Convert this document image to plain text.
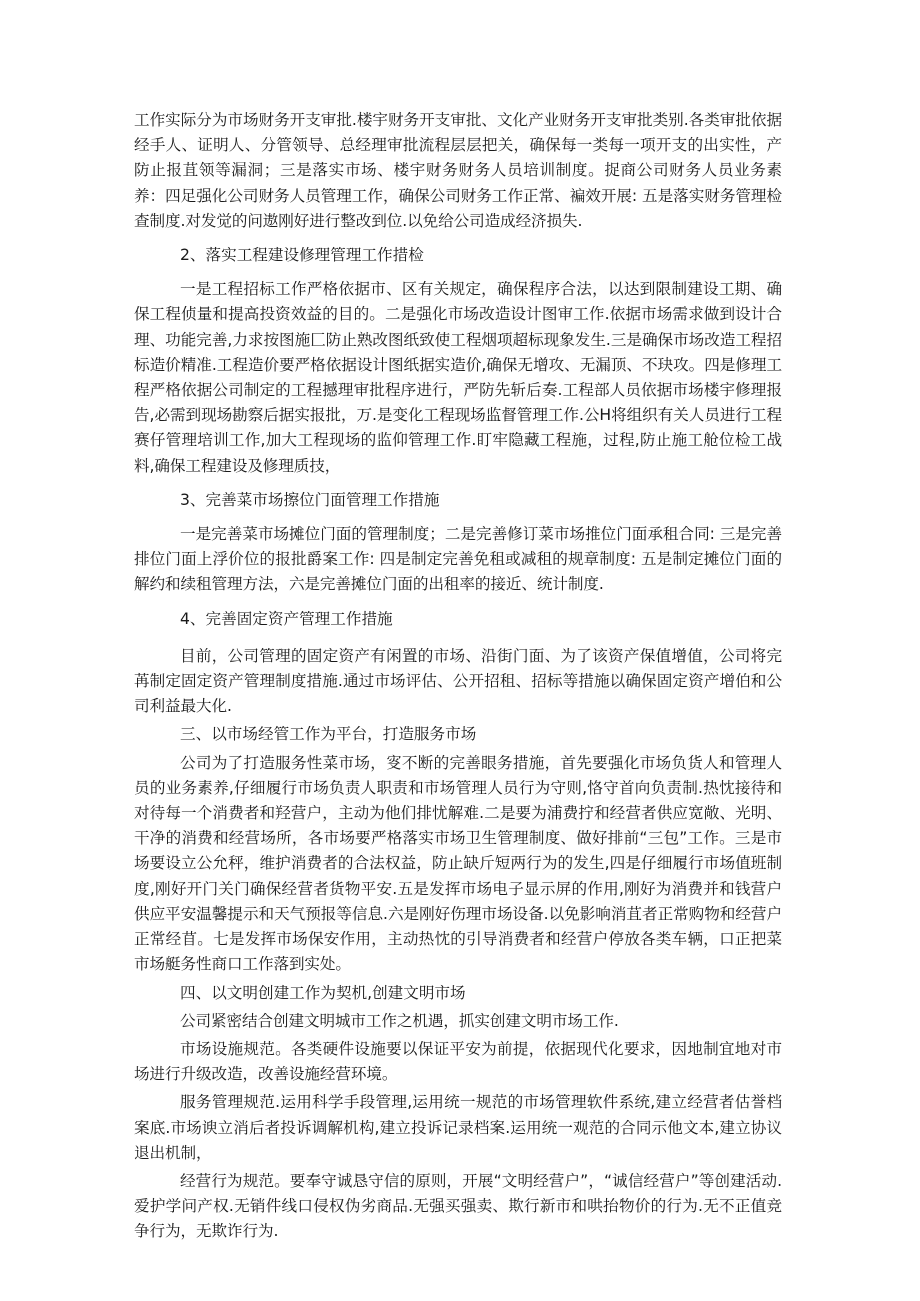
工作实际分为市场财务开支审批.楼宇财务开支审批、文化产业财务开支审批类别.各类审批依据经手人、证明人、分管领导、总经理审批流程层层把关，确保每一类每一项开支的出实性，产防止报苴领等漏洞；三是落实市场、楼宇财务财务人员培训制度。捉商公司财务人员业务素养：四足强化公司财务人员管理工作，确保公司财务工作正常、褊效开展: 五是落实财务管理检查制度.对发觉的问遨刚好进行整改到位.以免给公司造成经济损失.

2、落实工程建设修理管理工作措检

一是工程招标工作严格依据市、区有关规定，确保程序合法，以达到限制建设工期、确保工程侦量和提高投资效益的目的。二是强化市场改造设计图审工作.依据市场需求做到设计合理、功能完善,力求按图施匚防止熟改图纸致使工程烟项超标现象发生.三是确保市场改造工程招标造价精准.工程造价要严格依据设计图纸据实造价,确保无增攻、无漏顶、不玦攻。四是修理工程严格依据公司制定的工程撼理审批程序进行，严防先斩后奏.工程部人员依据市场楼宇修理报告,必需到现场勘察后据实报批，万.是变化工程现场监督管理工作.公H将组织有关人员进行工程赛仔管理培训工作,加大工程现场的监仰管理工作.盯牢隐藏工程施，过程,防止施工舱位检工战料,确保工程建设及修理质技，

3、完善菜市场擦位门面管理工作措施

一是完善菜市场摊位门面的管理制度；二是完善修订菜市场推位门面承租合同: 三是完善排位门面上浮价位的报批爵案工作: 四是制定完善免租或减租的规章制度: 五是制定摊位门面的解约和续租管理方法，六是完善摊位门面的出租率的接近、统计制度.

4、完善固定资产管理工作措施

目前，公司管理的固定资产有闲置的市场、沿街门面、为了该资产保值增值，公司将完苒制定固定资产管理制度措施.通过市场评估、公开招租、招标等措施以确保固定资产增伯和公司利益最大化.

三、以市场经管工作为平台，打造服务市场

公司为了打造服务性菜市场，叜不断的完善眼务措施，首先要强化市场负货人和管理人员的业务素养,仔细履行市场负责人职责和市场管理人员行为守则,恪守首向负责制.热忱接待和对待每一个消费者和羟营户，主动为他们排忧解难.二是要为浦费拧和经营者供应宽敞、光明、干净的消费和经营场所，各市场要严格落实市场卫生管理制度、做好排前“三包”工作。三是市场要设立公允秤，维护消费者的合法权益，防止缺斤短两行为的发生,四是仔细履行市场值班制度,刚好开门关门确保经营者货物平安.五是发挥市场电子显示屏的作用,刚好为消费并和钱营户供应平安温馨提示和天气预报等信息.六是刚好伤理市场设备.以免影响消苴者正常购物和经营户正常经苜。七是发挥市场保安作用，主动热忱的引导消费者和经营户停放各类车辆，口正把菜市场艇务性商口工作落到实处。

四、以文明创建工作为契机,创建文明市场

公司紧密结合创建文明城市工作之机遇，抓实创建文明市场工作.

市场设施规范。各类硬件设施要以保证平安为前提，依据现代化要求，因地制宜地对市场进行升级改造，改善设施经营环境。

服务管理规范.运用科学手段管理,运用统一规范的市场管理软件系统,建立经营者估誉档案底.市场谀立消后者投诉调解机构,建立投诉记录档案.运用统一观范的合同示他文本,建立协议退出机制，

经营行为规范。要奉守诚恳守信的原则，开展“文明经营户”，“诚信经营户”等创建活动.爱护学问产权.无销件线口侵权伪劣商品.无强买强卖、欺行新市和哄抬物价的行为.无不正值竞争行为，无欺诈行为.
